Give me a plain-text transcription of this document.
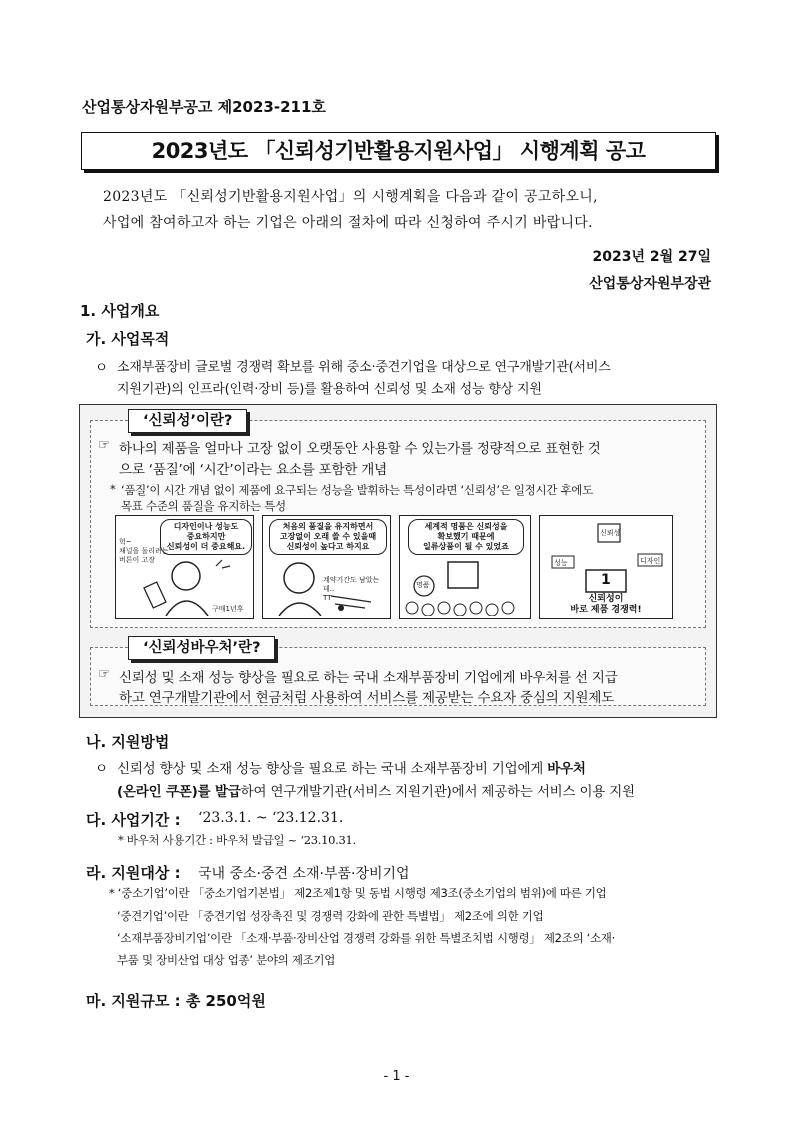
산업통상자원부공고 제2023-211호
2023년도 「신뢰성기반활용지원사업」 시행계획 공고
2023년도 「신뢰성기반활용지원사업」의 시행계획을 다음과 같이 공고하오니,
사업에 참여하고자 하는 기업은 아래의 절차에 따라 신청하여 주시기 바랍니다.
2023년 2월 27일
산업통상자원부장관
1. 사업개요
가. 사업목적
ㅇ 소재부품장비 글로벌 경쟁력 확보를 위해 중소·중견기업을 대상으로 연구개발기관(서비스
지원기관)의 인프라(인력·장비 등)를 활용하여 신뢰성 및 소재 성능 향상 지원
‘신뢰성’이란?
☞ 하나의 제품을 얼마나 고장 없이 오랫동안 사용할 수 있는가를 정량적으로 표현한 것
으로 ‘품질’에 ‘시간’이라는 요소를 포함한 개념
* ‘품질’이 시간 개념 없이 제품에 요구되는 성능을 발휘하는 특성이라면 ‘신뢰성’은 일정시간 후에도
목표 수준의 품질을 유지하는 특성
디자인이나 성능도
중요하지만
신뢰성이 더 중요해요.
헉~
채널을 돌리려는
버튼이 고장
구매1년후
처음의 품질을 유지하면서
고장없이 오래 쓸 수 있을때
신뢰성이 높다고 하지요
계약기간도 남았는데..
TT
세계적 명품은 신뢰성을
확보했기 때문에
일류상품이 될 수 있었죠
명품
신뢰성
디자인
성능
1
신뢰성이
바로 제품 경쟁력!
‘신뢰성바우처’란?
☞ 신뢰성 및 소재 성능 향상을 필요로 하는 국내 소재부품장비 기업에게 바우처를 선 지급
하고 연구개발기관에서 현금처럼 사용하여 서비스를 제공받는 수요자 중심의 지원제도
나. 지원방법
ㅇ 신뢰성 향상 및 소재 성능 향상을 필요로 하는 국내 소재부품장비 기업에게 바우처
(온라인 쿠폰)를 발급하여 연구개발기관(서비스 지원기관)에서 제공하는 서비스 이용 지원
다. 사업기간 : ‘23.3.1. ~ ‘23.12.31.
* 바우처 사용기간 : 바우처 발급일 ~ ‘23.10.31.
라. 지원대상 : 국내 중소·중견 소재·부품·장비기업
* ‘중소기업’이란 「중소기업기본법」 제2조제1항 및 동법 시행령 제3조(중소기업의 범위)에 따른 기업
‘중견기업’이란 「중견기업 성장촉진 및 경쟁력 강화에 관한 특별법」 제2조에 의한 기업
‘소재부품장비기업’이란 「소재·부품·장비산업 경쟁력 강화를 위한 특별조치법 시행령」 제2조의 ‘소재·
부품 및 장비산업 대상 업종’ 분야의 제조기업
마. 지원규모 : 총 250억원
- 1 -
